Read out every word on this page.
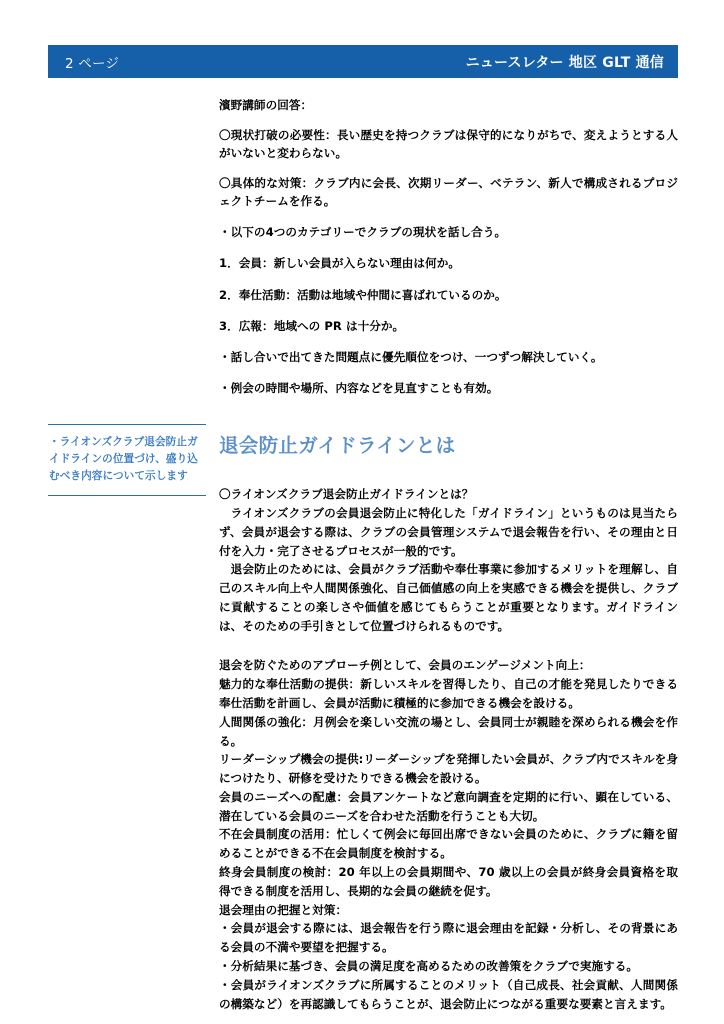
2 ページ	ニュースレター 地区 GLT 通信
・ライオンズクラブ退会防止ガイドラインの位置づけ、盛り込むべき内容について示します
濱野講師の回答：
〇現状打破の必要性：長い歴史を持つクラブは保守的になりがちで、変えようとする人がいないと変わらない。
〇具体的な対策：クラブ内に会長、次期リーダー、ベテラン、新人で構成されるプロジェクトチームを作る。
・以下の4つのカテゴリーでクラブの現状を話し合う。
1．会員：新しい会員が入らない理由は何か。
2．奉仕活動：活動は地域や仲間に喜ばれているのか。
3．広報：地域への PR は十分か。
・話し合いで出てきた問題点に優先順位をつけ、一つずつ解決していく。
・例会の時間や場所、内容などを見直すことも有効。
退会防止ガイドラインとは
〇ライオンズクラブ退会防止ガイドラインとは？
ライオンズクラブの会員退会防止に特化した「ガイドライン」というものは見当たらず、会員が退会する際は、クラブの会員管理システムで退会報告を行い、その理由と日付を入力・完了させるプロセスが一般的です。
退会防止のためには、会員がクラブ活動や奉仕事業に参加するメリットを理解し、自己のスキル向上や人間関係強化、自己価値感の向上を実感できる機会を提供し、クラブに貢献することの楽しさや価値を感じてもらうことが重要となります。ガイドラインは、そのための手引きとして位置づけられるものです。
退会を防ぐためのアプローチ例として、会員のエンゲージメント向上：
魅力的な奉仕活動の提供：新しいスキルを習得したり、自己の才能を発見したりできる奉仕活動を計画し、会員が活動に積極的に参加できる機会を設ける。
人間関係の強化：月例会を楽しい交流の場とし、会員同士が親睦を深められる機会を作る。
リーダーシップ機会の提供:リーダーシップを発揮したい会員が、クラブ内でスキルを身につけたり、研修を受けたりできる機会を設ける。
会員のニーズへの配慮：会員アンケートなど意向調査を定期的に行い、顕在している、潜在している会員のニーズを合わせた活動を行うことも大切。
不在会員制度の活用：忙しくて例会に毎回出席できない会員のために、クラブに籍を留めることができる不在会員制度を検討する。
終身会員制度の検討：20 年以上の会員期間や、70 歳以上の会員が終身会員資格を取得できる制度を活用し、長期的な会員の継続を促す。
退会理由の把握と対策：
・会員が退会する際には、退会報告を行う際に退会理由を記録・分析し、その背景にある会員の不満や要望を把握する。
・分析結果に基づき、会員の満足度を高めるための改善策をクラブで実施する。
・会員がライオンズクラブに所属することのメリット（自己成長、社会貢献、人間関係の構築など）を再認識してもらうことが、退会防止につながる重要な要素と言えます。
